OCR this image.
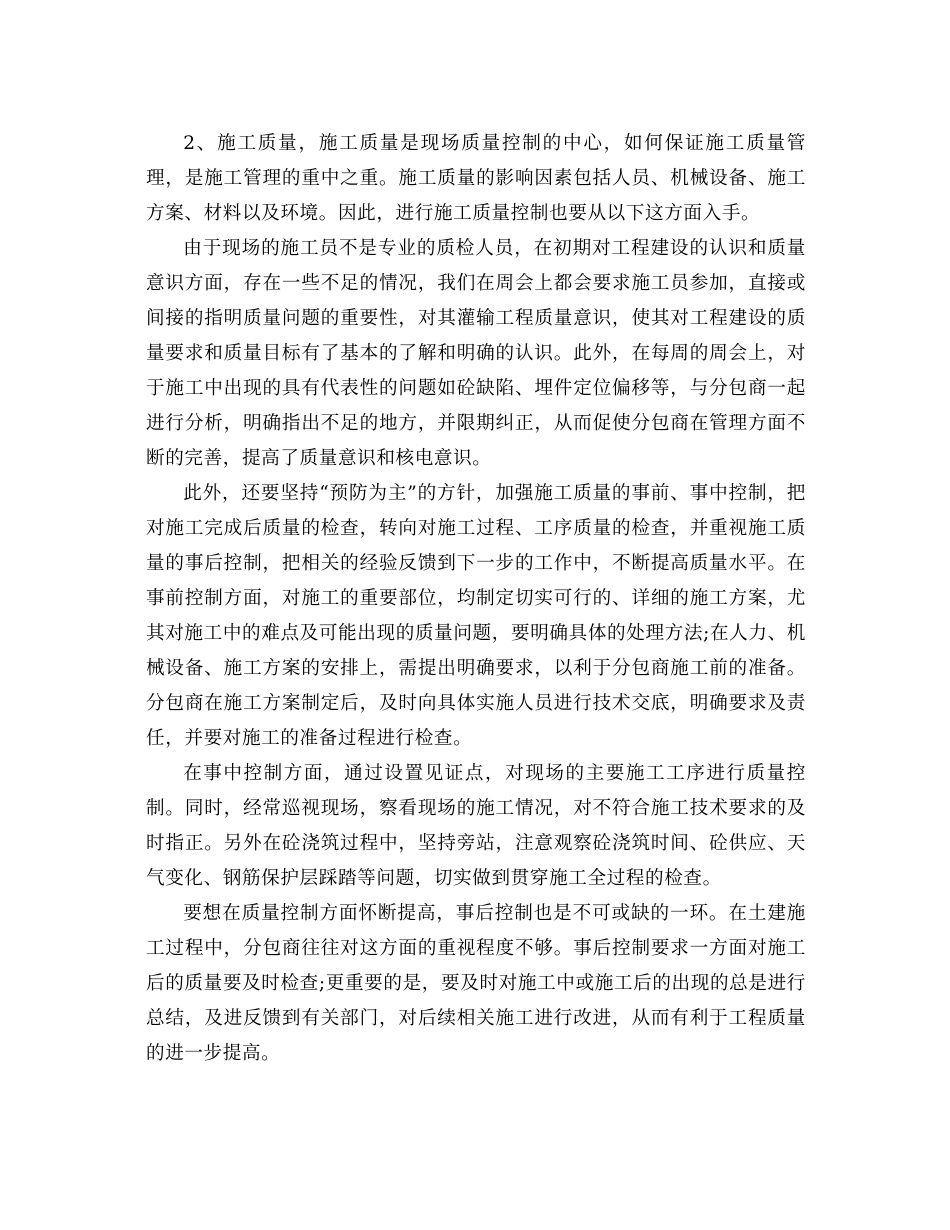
2、施工质量，施工质量是现场质量控制的中心，如何保证施工质量管理，是施工管理的重中之重。施工质量的影响因素包括人员、机械设备、施工方案、材料以及环境。因此，进行施工质量控制也要从以下这方面入手。

由于现场的施工员不是专业的质检人员，在初期对工程建设的认识和质量意识方面，存在一些不足的情况，我们在周会上都会要求施工员参加，直接或间接的指明质量问题的重要性，对其灌输工程质量意识，使其对工程建设的质量要求和质量目标有了基本的了解和明确的认识。此外，在每周的周会上，对于施工中出现的具有代表性的问题如砼缺陷、埋件定位偏移等，与分包商一起进行分析，明确指出不足的地方，并限期纠正，从而促使分包商在管理方面不断的完善，提高了质量意识和核电意识。

此外，还要坚持“预防为主”的方针，加强施工质量的事前、事中控制，把对施工完成后质量的检查，转向对施工过程、工序质量的检查，并重视施工质量的事后控制，把相关的经验反馈到下一步的工作中，不断提高质量水平。在事前控制方面，对施工的重要部位，均制定切实可行的、详细的施工方案，尤其对施工中的难点及可能出现的质量问题，要明确具体的处理方法;在人力、机械设备、施工方案的安排上，需提出明确要求，以利于分包商施工前的准备。分包商在施工方案制定后，及时向具体实施人员进行技术交底，明确要求及责任，并要对施工的准备过程进行检查。

在事中控制方面，通过设置见证点，对现场的主要施工工序进行质量控制。同时，经常巡视现场，察看现场的施工情况，对不符合施工技术要求的及时指正。另外在砼浇筑过程中，坚持旁站，注意观察砼浇筑时间、砼供应、天气变化、钢筋保护层踩踏等问题，切实做到贯穿施工全过程的检查。

要想在质量控制方面怀断提高，事后控制也是不可或缺的一环。在土建施工过程中，分包商往往对这方面的重视程度不够。事后控制要求一方面对施工后的质量要及时检查;更重要的是，要及时对施工中或施工后的出现的总是进行总结，及进反馈到有关部门，对后续相关施工进行改进，从而有利于工程质量的进一步提高。
